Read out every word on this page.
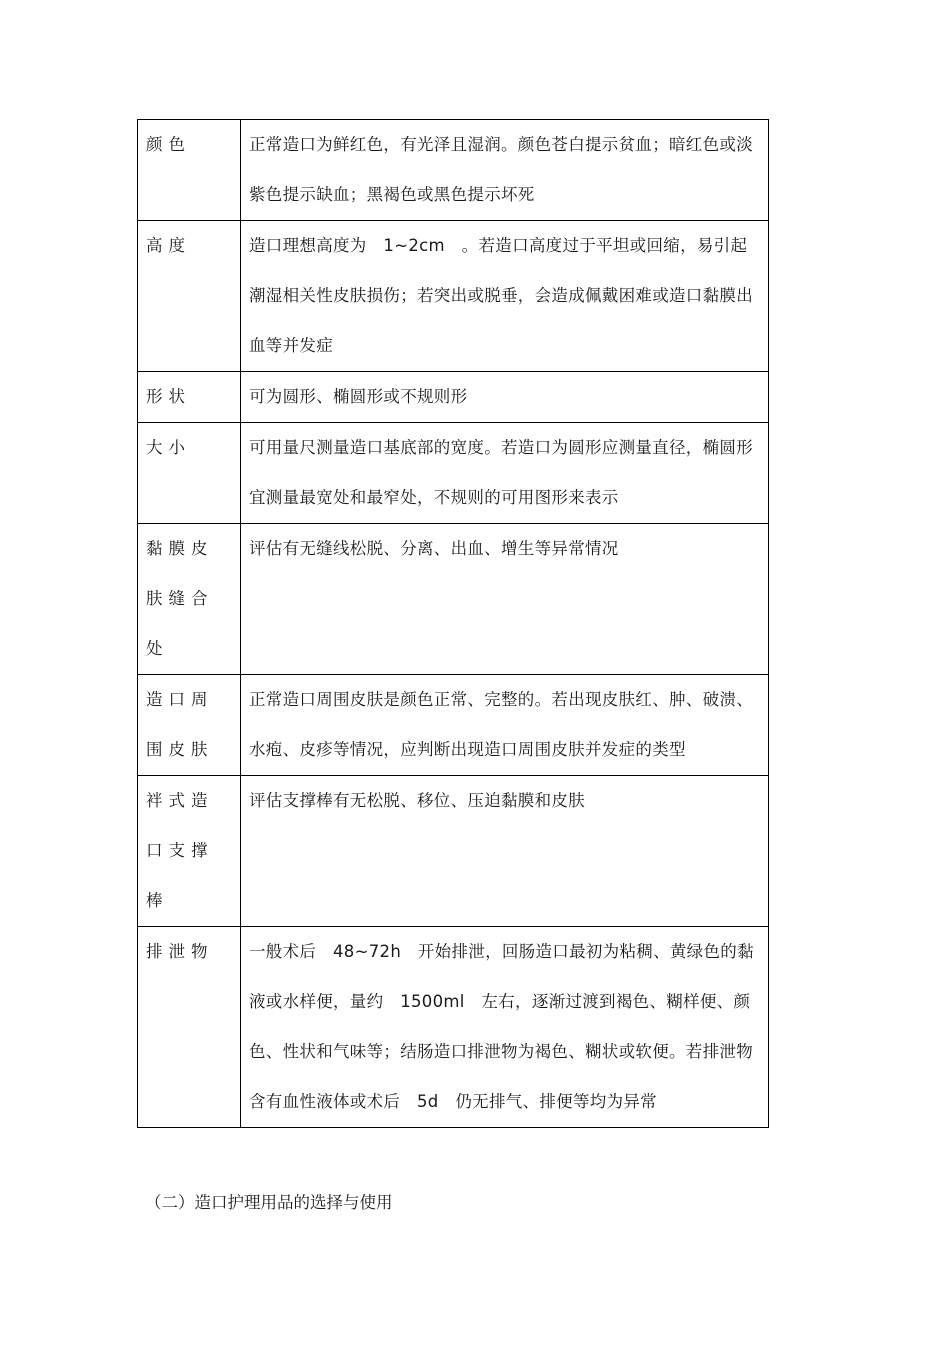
颜色	正常造口为鲜红色，有光泽且湿润。颜色苍白提示贫血；暗红色或淡紫色提示缺血；黑褐色或黑色提示坏死
高度	造口理想高度为　1~2cm　。若造口高度过于平坦或回缩，易引起潮湿相关性皮肤损伤；若突出或脱垂，会造成佩戴困难或造口黏膜出血等并发症
形状	可为圆形、椭圆形或不规则形
大小	可用量尺测量造口基底部的宽度。若造口为圆形应测量直径，椭圆形宜测量最宽处和最窄处，不规则的可用图形来表示
黏膜皮肤缝合处	评估有无缝线松脱、分离、出血、增生等异常情况
造口周围皮肤	正常造口周围皮肤是颜色正常、完整的。若出现皮肤红、肿、破溃、水疱、皮疹等情况，应判断出现造口周围皮肤并发症的类型
袢式造口支撑棒	评估支撑棒有无松脱、移位、压迫黏膜和皮肤
排泄物	一般术后　48~72h　开始排泄，回肠造口最初为粘稠、黄绿色的黏液或水样便，量约　1500ml　左右，逐渐过渡到褐色、糊样便、颜色、性状和气味等；结肠造口排泄物为褐色、糊状或软便。若排泄物含有血性液体或术后　5d　仍无排气、排便等均为异常
（二）造口护理用品的选择与使用
